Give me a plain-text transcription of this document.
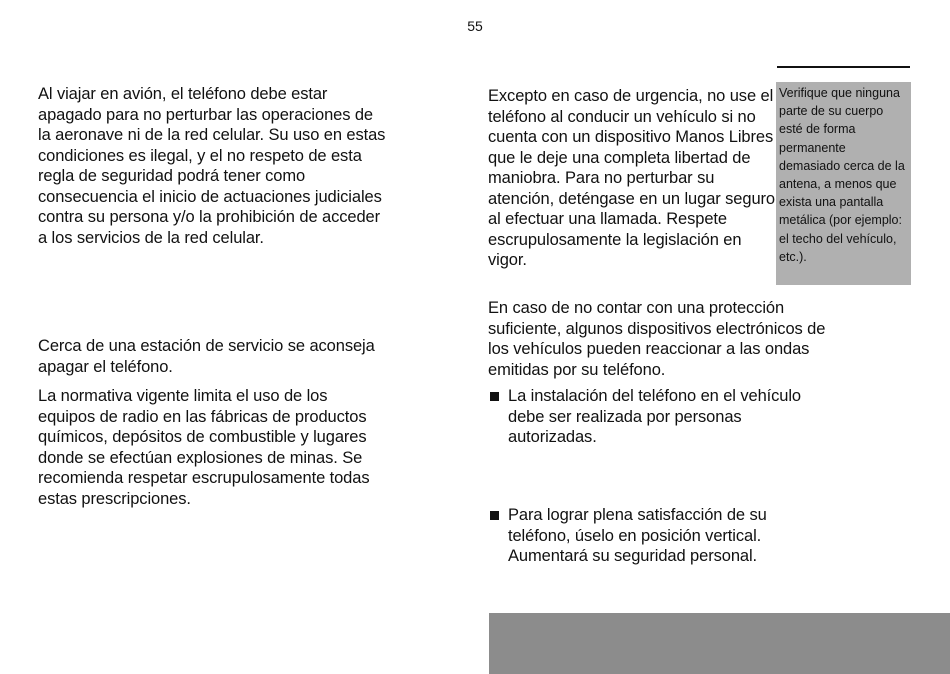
55

Al viajar en avión, el teléfono debe estar apagado para no perturbar las operaciones de la aeronave ni de la red celular. Su uso en estas condiciones es ilegal, y el no respeto de esta regla de seguridad podrá tener como consecuencia el inicio de actuaciones judiciales contra su persona y/o la prohibición de acceder a los servicios de la red celular.

Cerca de una estación de servicio se aconseja apagar el teléfono.

La normativa vigente limita el uso de los equipos de radio en las fábricas de productos químicos, depósitos de combustible y lugares donde se efectúan explosiones de minas. Se recomienda respetar escrupulosamente todas estas prescripciones.

Excepto en caso de urgencia, no use el teléfono al conducir un vehículo si no cuenta con un dispositivo Manos Libres que le deje una completa libertad de maniobra. Para no perturbar su atención, deténgase en un lugar seguro al efectuar una llamada. Respete escrupulosamente la legislación en vigor.

En caso de no contar con una protección suficiente, algunos dispositivos electrónicos de los vehículos pueden reaccionar a las ondas emitidas por su teléfono.

La instalación del teléfono en el vehículo debe ser realizada por personas autorizadas.
Para lograr plena satisfacción de su teléfono, úselo en posición vertical. Aumentará su seguridad personal.
Verifique que ninguna parte de su cuerpo esté de forma permanente demasiado cerca de la antena, a menos que exista una pantalla metálica (por ejemplo: el techo del vehículo, etc.).
